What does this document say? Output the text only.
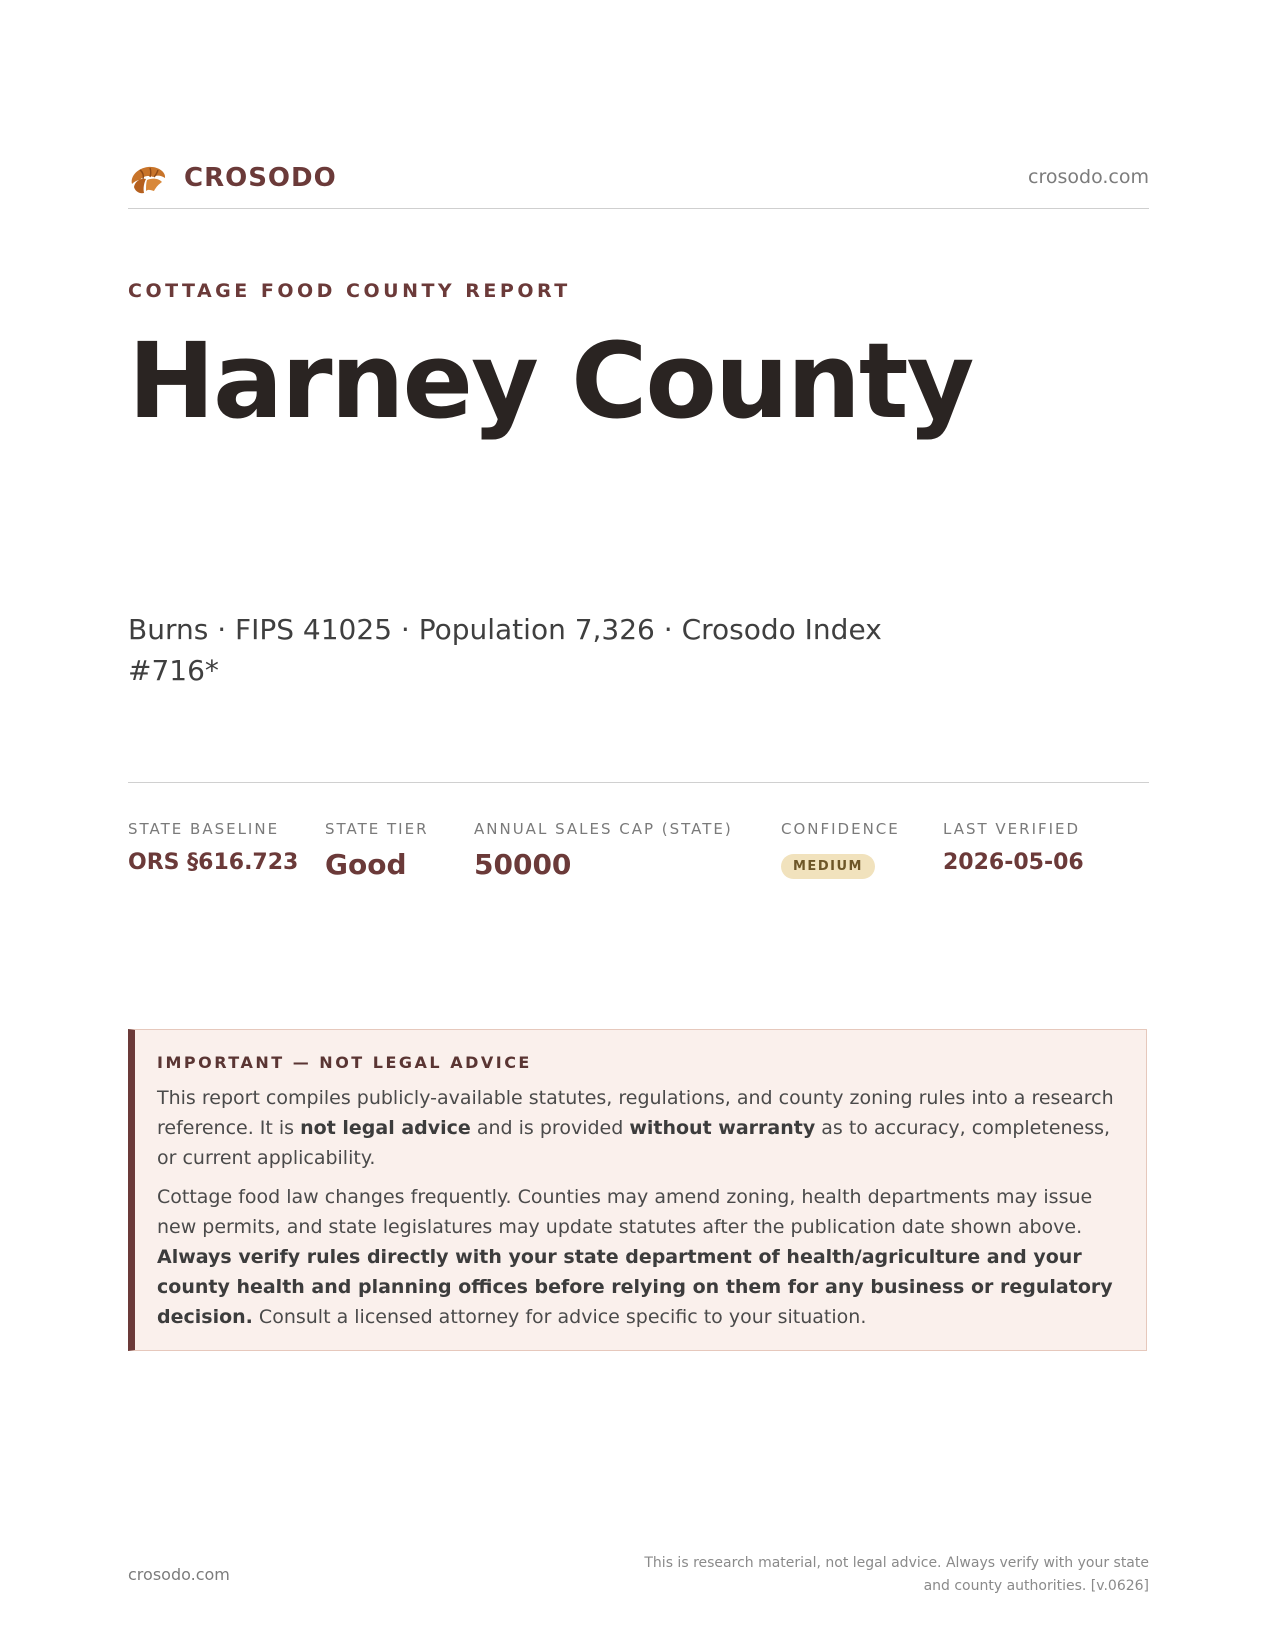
CROSODO	crosodo.com
COTTAGE FOOD COUNTY REPORT
Harney County
Burns · FIPS 41025 · Population 7,326 · Crosodo Index #716*
STATE BASELINE
ORS §616.723
STATE TIER
Good
ANNUAL SALES CAP (STATE)
50000
CONFIDENCE
MEDIUM
LAST VERIFIED
2026-05-06
IMPORTANT — NOT LEGAL ADVICE
This report compiles publicly-available statutes, regulations, and county zoning rules into a research reference. It is not legal advice and is provided without warranty as to accuracy, completeness, or current applicability.
Cottage food law changes frequently. Counties may amend zoning, health departments may issue new permits, and state legislatures may update statutes after the publication date shown above. Always verify rules directly with your state department of health/agriculture and your county health and planning offices before relying on them for any business or regulatory decision. Consult a licensed attorney for advice specific to your situation.
crosodo.com
This is research material, not legal advice. Always verify with your state and county authorities. [v.0626]
